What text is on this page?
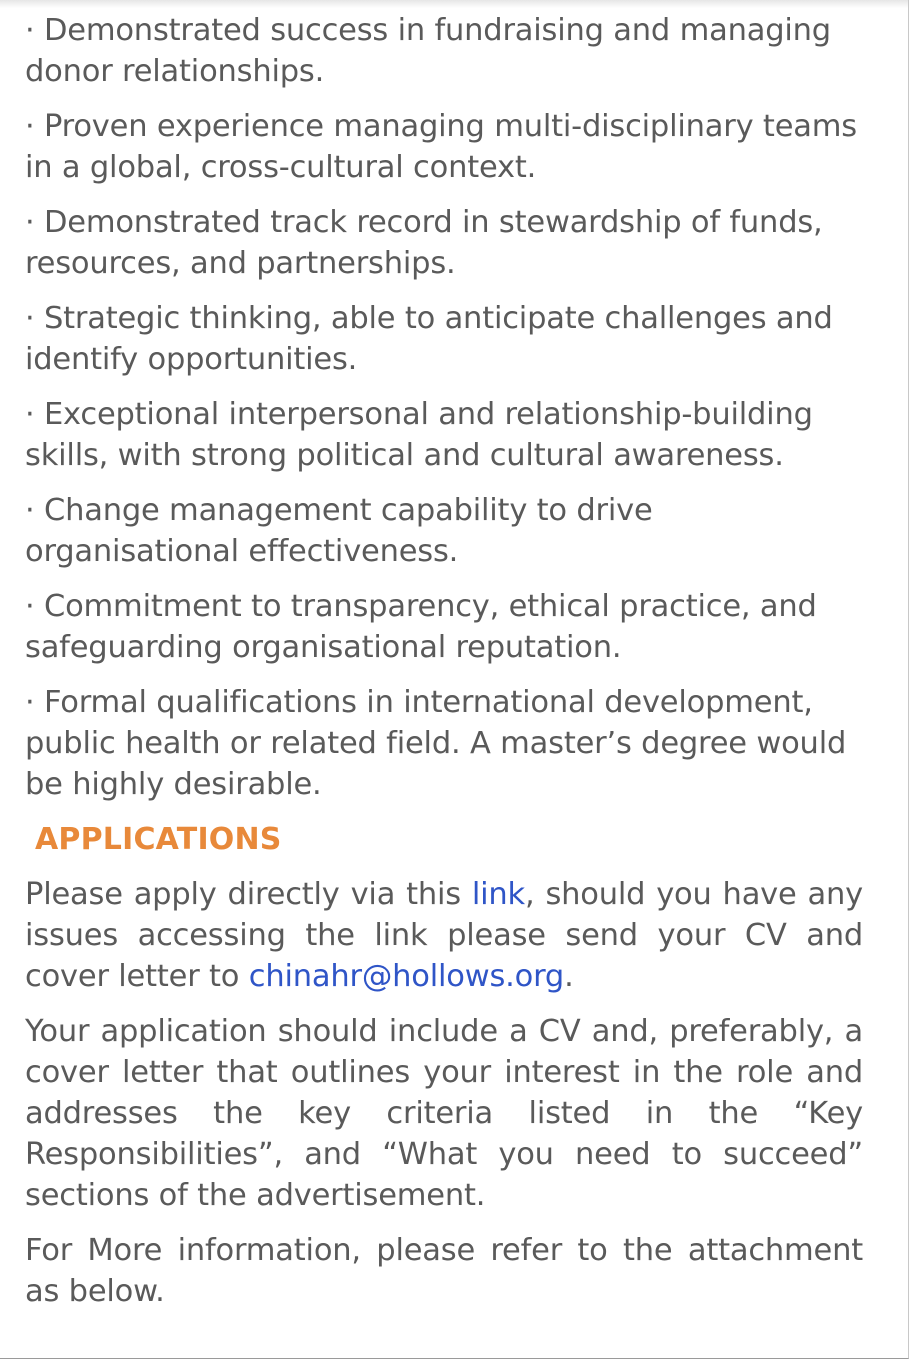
· Demonstrated success in fundraising and managing donor relationships.
· Proven experience managing multi-disciplinary teams in a global, cross-cultural context.
· Demonstrated track record in stewardship of funds, resources, and partnerships.
· Strategic thinking, able to anticipate challenges and identify opportunities.
· Exceptional interpersonal and relationship-building skills, with strong political and cultural awareness.
· Change management capability to drive organisational effectiveness.
· Commitment to transparency, ethical practice, and safeguarding organisational reputation.
· Formal qualifications in international development, public health or related field. A master’s degree would be highly desirable.
APPLICATIONS
Please apply directly via this link, should you have any issues accessing the link please send your CV and cover letter to chinahr@hollows.org.
Your application should include a CV and, preferably, a cover letter that outlines your interest in the role and addresses the key criteria listed in the “Key Responsibilities”, and “What you need to succeed” sections of the advertisement.
For More information, please refer to the attachment as below.
